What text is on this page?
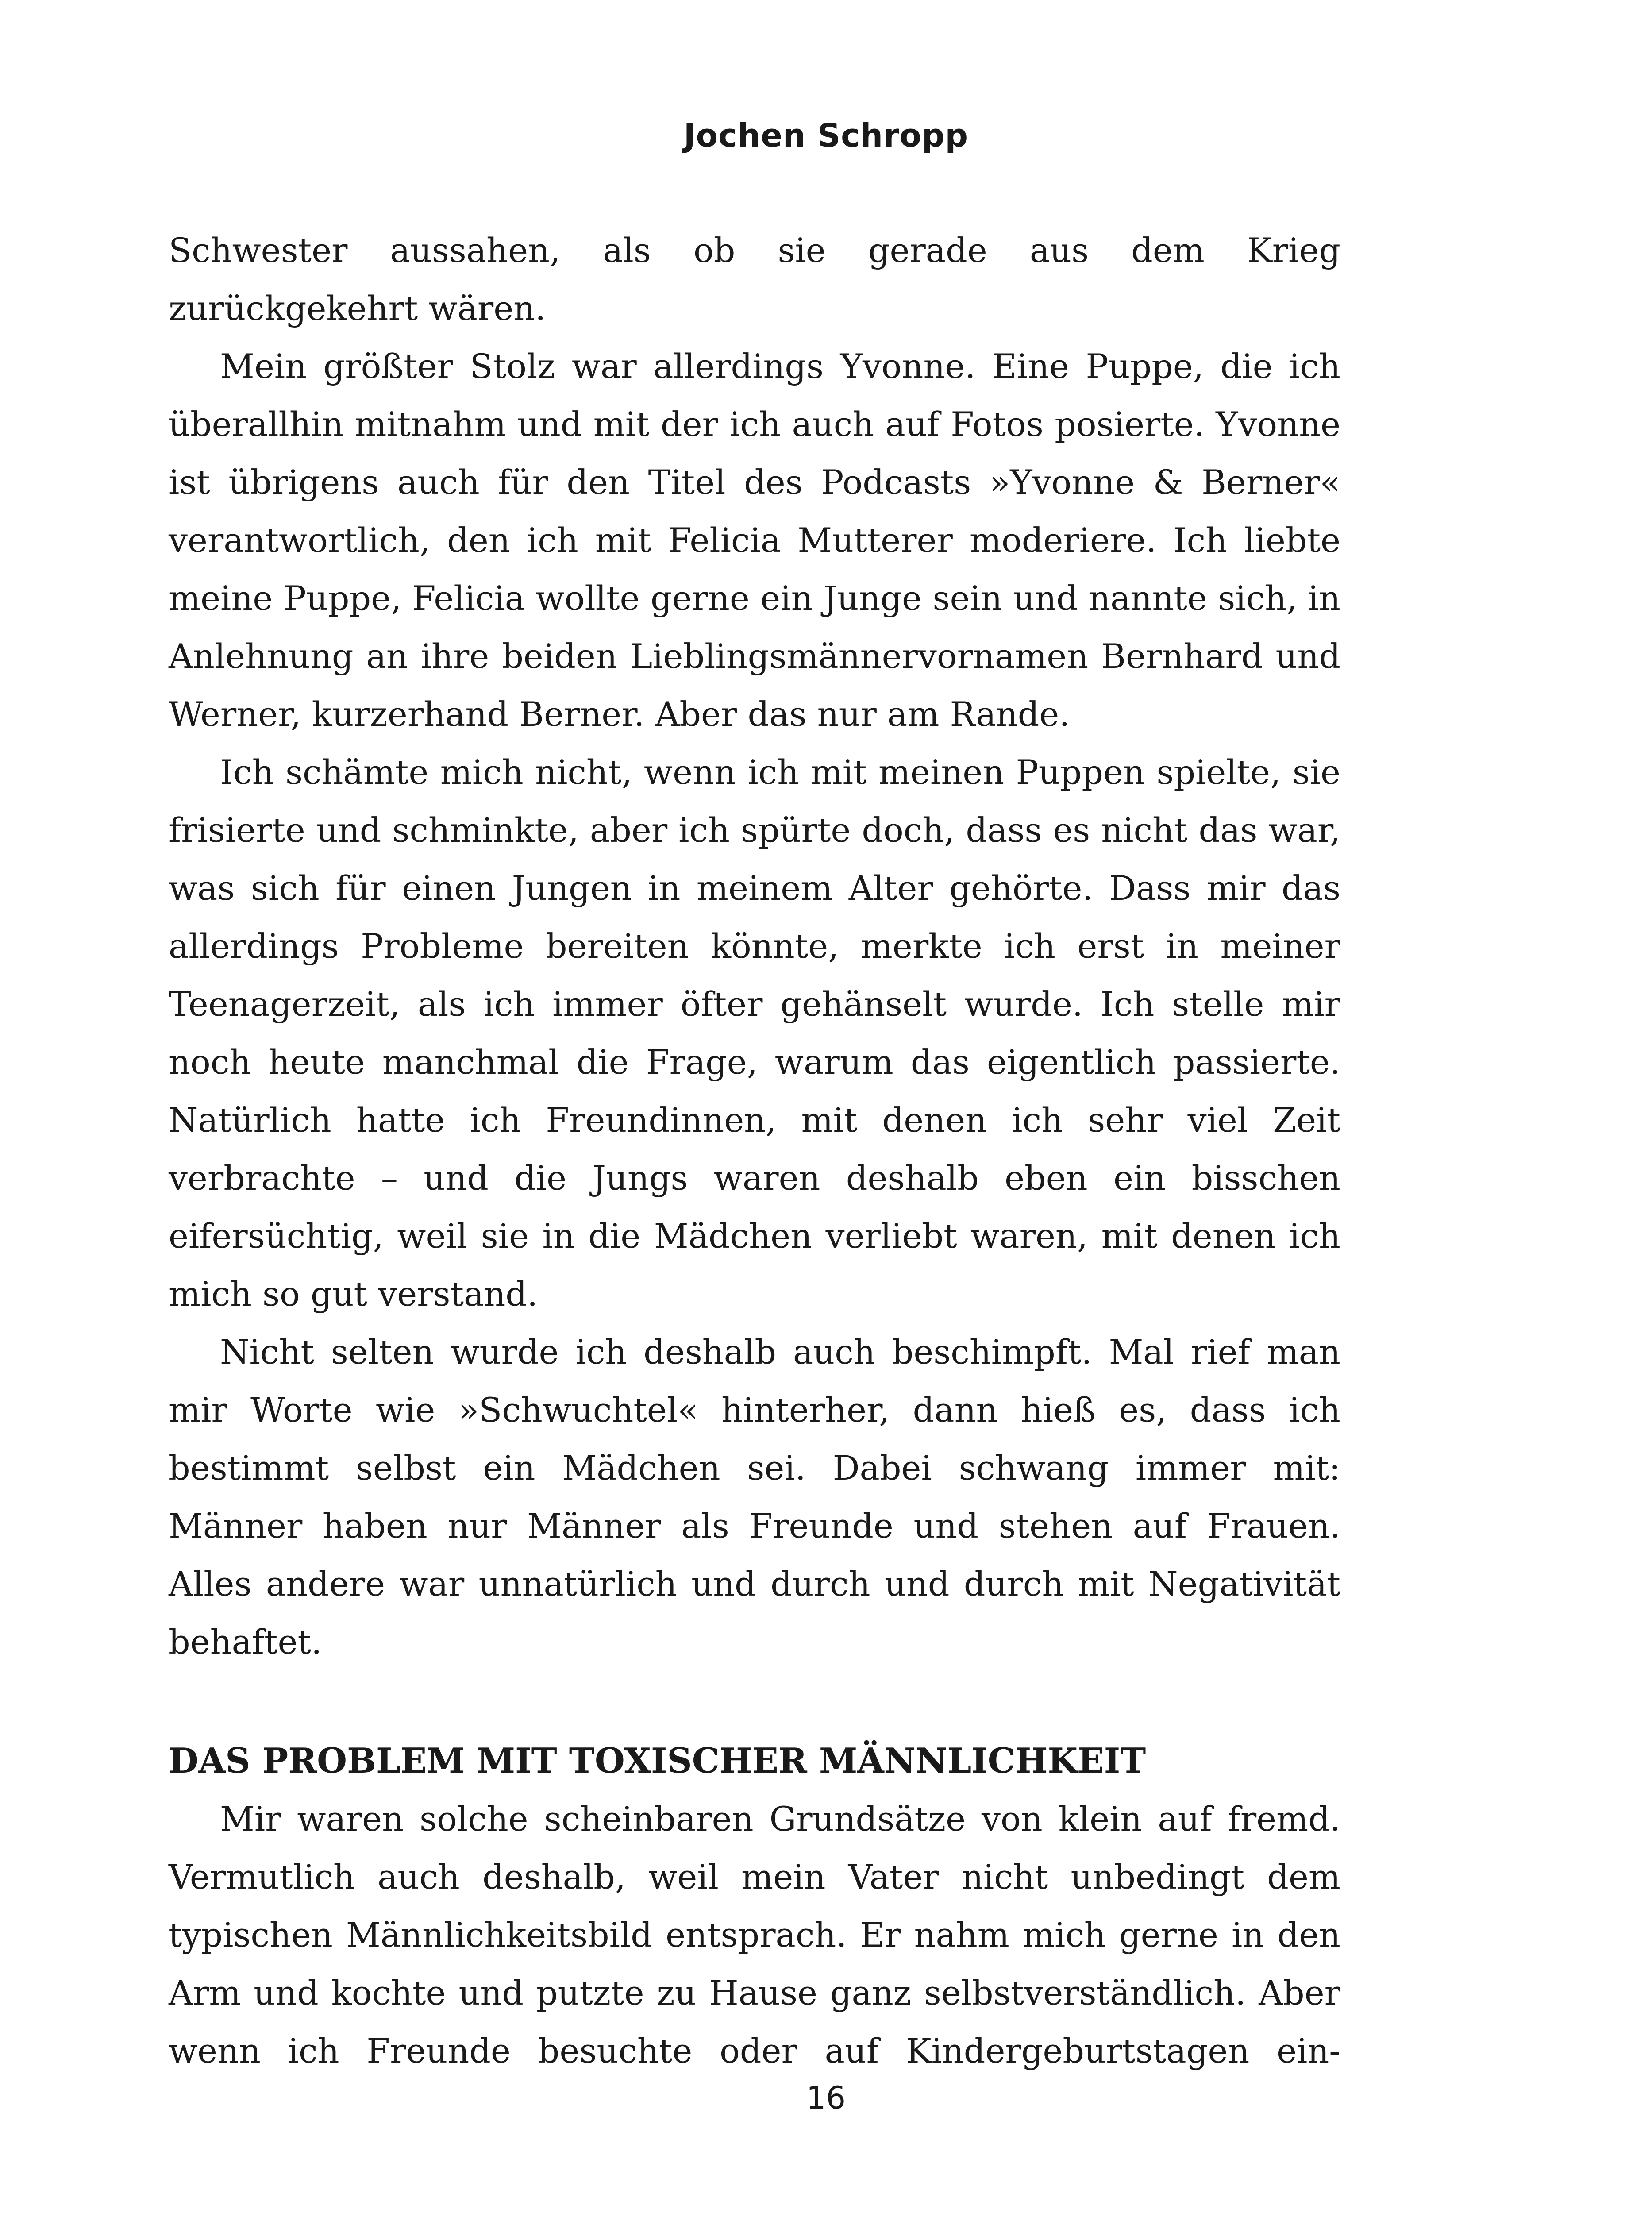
Jochen Schropp

Schwester aussahen, als ob sie gerade aus dem Krieg zurückgekehrt wären.

Mein größter Stolz war allerdings Yvonne. Eine Puppe, die ich überallhin mitnahm und mit der ich auch auf Fotos posierte. Yvonne ist übrigens auch für den Titel des Podcasts »Yvonne & Berner« verantwortlich, den ich mit Felicia Mutterer moderiere. Ich liebte meine Puppe, Felicia wollte gerne ein Junge sein und nannte sich, in Anlehnung an ihre beiden Lieblingsmännervornamen Bernhard und Werner, kurzerhand Berner. Aber das nur am Rande.

Ich schämte mich nicht, wenn ich mit meinen Puppen spielte, sie frisierte und schminkte, aber ich spürte doch, dass es nicht das war, was sich für einen Jungen in meinem Alter gehörte. Dass mir das allerdings Probleme bereiten könnte, merkte ich erst in meiner Teenagerzeit, als ich immer öfter gehänselt wurde. Ich stelle mir noch heute manchmal die Frage, warum das eigentlich passierte. Natürlich hatte ich Freundinnen, mit denen ich sehr viel Zeit verbrachte – und die Jungs waren deshalb eben ein bisschen eifersüchtig, weil sie in die Mädchen verliebt waren, mit denen ich mich so gut verstand.

Nicht selten wurde ich deshalb auch beschimpft. Mal rief man mir Worte wie »Schwuchtel« hinterher, dann hieß es, dass ich bestimmt selbst ein Mädchen sei. Dabei schwang immer mit: Männer haben nur Männer als Freunde und stehen auf Frauen. Alles andere war unnatürlich und durch und durch mit Negativität behaftet.

DAS PROBLEM MIT TOXISCHER MÄNNLICHKEIT

Mir waren solche scheinbaren Grundsätze von klein auf fremd. Vermutlich auch deshalb, weil mein Vater nicht unbedingt dem typischen Männlichkeitsbild entsprach. Er nahm mich gerne in den Arm und kochte und putzte zu Hause ganz selbstverständlich. Aber wenn ich Freunde besuchte oder auf Kindergeburtstagen ein-

16
